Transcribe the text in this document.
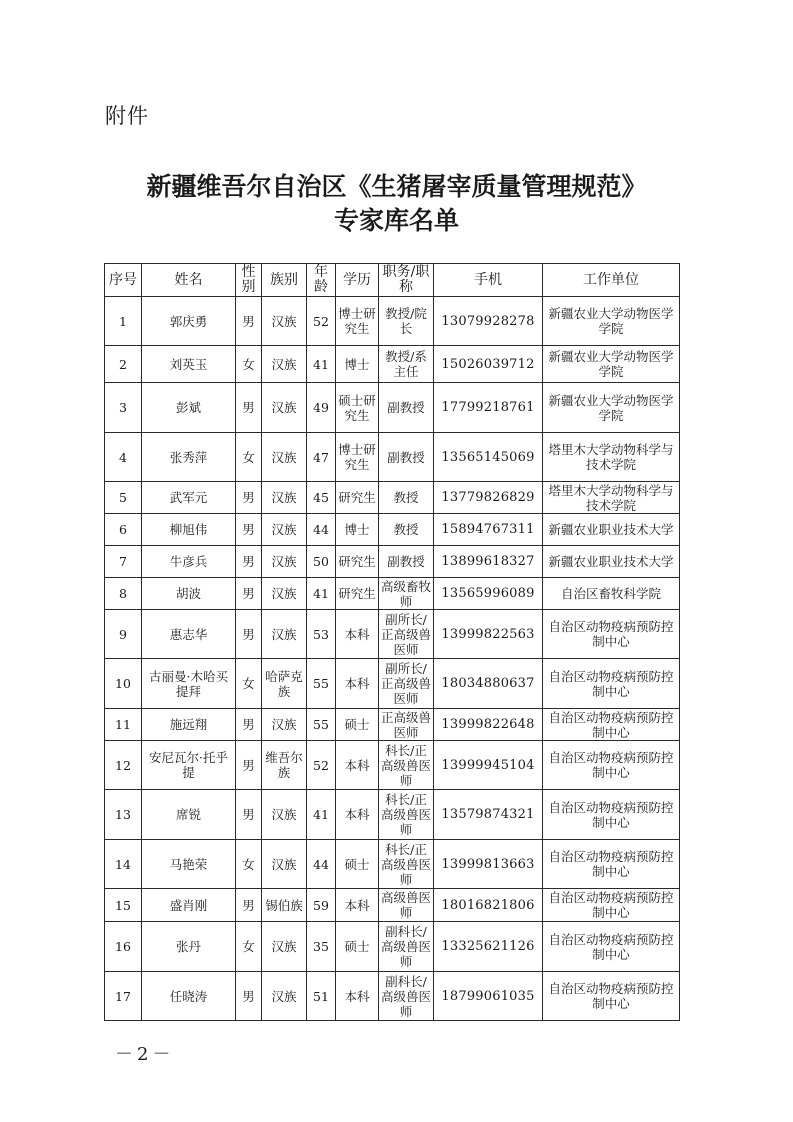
附件
新疆维吾尔自治区《生猪屠宰质量管理规范》
专家库名单
序号	姓名	性别	族别	年龄	学历	职务/职称	手机	工作单位
1	郭庆勇	男	汉族	52	博士研究生	教授/院长	13079928278	新疆农业大学动物医学学院
2	刘英玉	女	汉族	41	博士	教授/系主任	15026039712	新疆农业大学动物医学学院
3	彭斌	男	汉族	49	硕士研究生	副教授	17799218761	新疆农业大学动物医学学院
4	张秀萍	女	汉族	47	博士研究生	副教授	13565145069	塔里木大学动物科学与技术学院
5	武军元	男	汉族	45	研究生	教授	13779826829	塔里木大学动物科学与技术学院
6	柳旭伟	男	汉族	44	博士	教授	15894767311	新疆农业职业技术大学
7	牛彦兵	男	汉族	50	研究生	副教授	13899618327	新疆农业职业技术大学
8	胡波	男	汉族	41	研究生	高级畜牧师	13565996089	自治区畜牧科学院
9	惠志华	男	汉族	53	本科	副所长/正高级兽医师	13999822563	自治区动物疫病预防控制中心
10	古丽曼·木哈买提拜	女	哈萨克族	55	本科	副所长/正高级兽医师	18034880637	自治区动物疫病预防控制中心
11	施远翔	男	汉族	55	硕士	正高级兽医师	13999822648	自治区动物疫病预防控制中心
12	安尼瓦尔·托乎提	男	维吾尔族	52	本科	科长/正高级兽医师	13999945104	自治区动物疫病预防控制中心
13	席锐	男	汉族	41	本科	科长/正高级兽医师	13579874321	自治区动物疫病预防控制中心
14	马艳荣	女	汉族	44	硕士	科长/正高级兽医师	13999813663	自治区动物疫病预防控制中心
15	盛肖刚	男	锡伯族	59	本科	高级兽医师	18016821806	自治区动物疫病预防控制中心
16	张丹	女	汉族	35	硕士	副科长/高级兽医师	13325621126	自治区动物疫病预防控制中心
17	任晓涛	男	汉族	51	本科	副科长/高级兽医师	18799061035	自治区动物疫病预防控制中心
－2－
